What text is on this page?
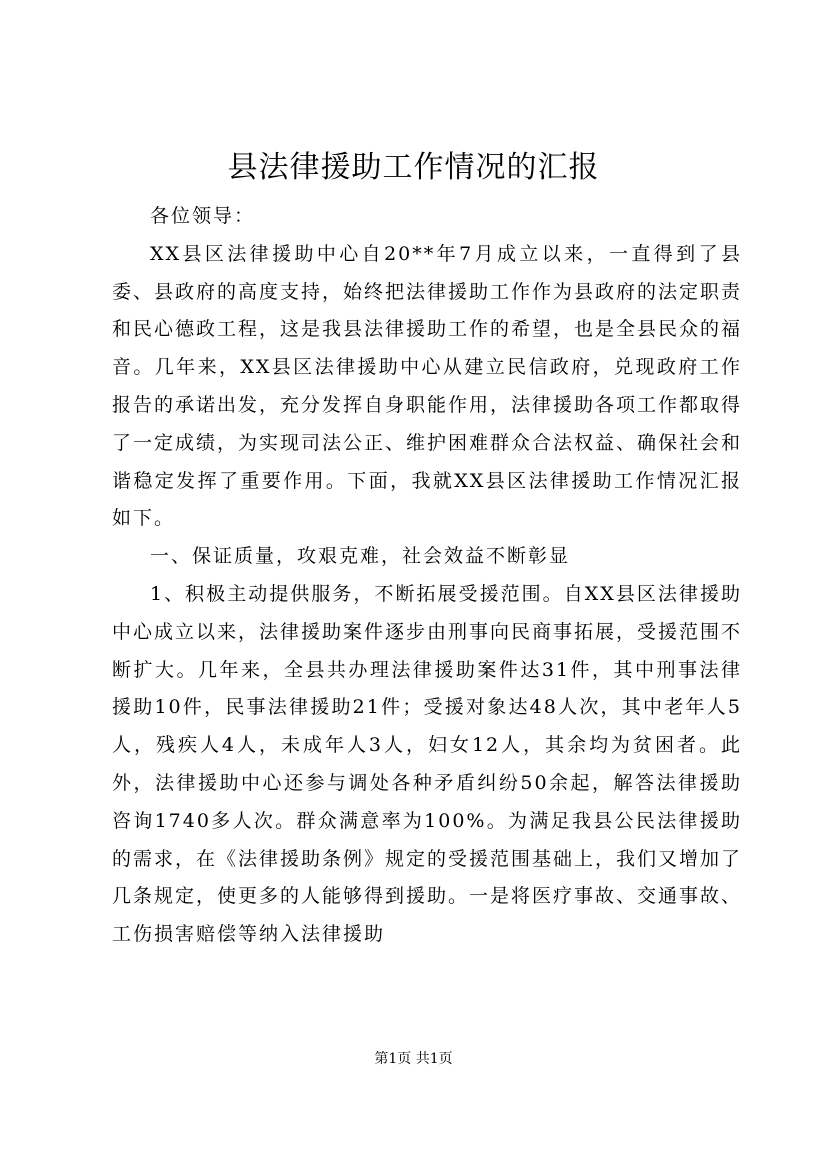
县法律援助工作情况的汇报

各位领导：

XX县区法律援助中心自20**年7月成立以来，一直得到了县委、县政府的高度支持，始终把法律援助工作作为县政府的法定职责和民心德政工程，这是我县法律援助工作的希望，也是全县民众的福音。几年来，XX县区法律援助中心从建立民信政府，兑现政府工作报告的承诺出发，充分发挥自身职能作用，法律援助各项工作都取得了一定成绩，为实现司法公正、维护困难群众合法权益、确保社会和谐稳定发挥了重要作用。下面，我就XX县区法律援助工作情况汇报如下。

一、保证质量，攻艰克难，社会效益不断彰显

1、积极主动提供服务，不断拓展受援范围。自XX县区法律援助中心成立以来，法律援助案件逐步由刑事向民商事拓展，受援范围不断扩大。几年来，全县共办理法律援助案件达31件，其中刑事法律援助10件，民事法律援助21件；受援对象达48人次，其中老年人5人，残疾人4人，未成年人3人，妇女12人，其余均为贫困者。此外，法律援助中心还参与调处各种矛盾纠纷50余起，解答法律援助咨询1740多人次。群众满意率为100%。为满足我县公民法律援助的需求，在《法律援助条例》规定的受援范围基础上，我们又增加了几条规定，使更多的人能够得到援助。一是将医疗事故、交通事故、工伤损害赔偿等纳入法律援助

第1页 共1页
